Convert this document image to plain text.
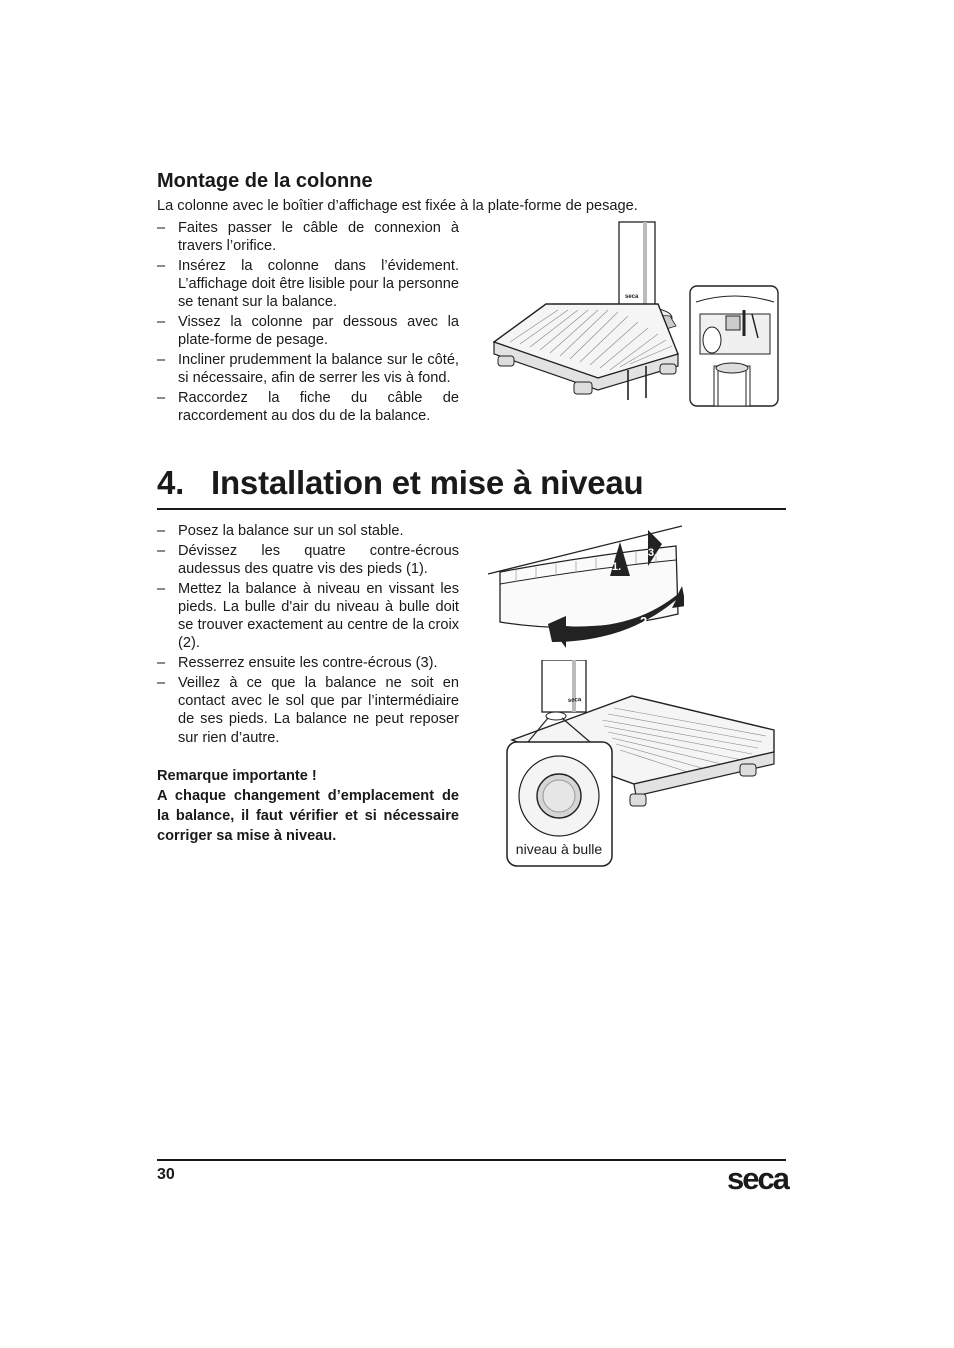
Montage de la colonne

La colonne avec le boîtier d’affichage est fixée à la plate-forme de pesage.

– Faites passer le câble de connexion à travers l’orifice.
– Insérez la colonne dans l’évidement. L’affichage doit être lisible pour la personne se tenant sur la balance.
– Vissez la colonne par dessous avec la plate-forme de pesage.
– Incliner prudemment la balance sur le côté, si nécessaire, afin de serrer les vis à fond.
– Raccordez la fiche du câble de raccordement au dos du de la balance.
seca
4. Installation et mise à niveau
– Posez la balance sur un sol stable.
– Dévissez les quatre contre-écrous audessus des quatre vis des pieds (1).
– Mettez la balance à niveau en vissant les pieds. La bulle d'air du niveau à bulle doit se trouver exactement au centre de la croix (2).
– Resserrez ensuite les contre-écrous (3).
– Veillez à ce que la balance ne soit en contact avec le sol que par l’intermédiaire de ses pieds. La balance ne peut reposer sur rien d’autre.
Remarque importante !
A chaque changement d’emplacement de la balance, il faut vérifier et si nécessaire corriger sa mise à niveau.
1.
3.
2.
seca
niveau à bulle
30	seca
